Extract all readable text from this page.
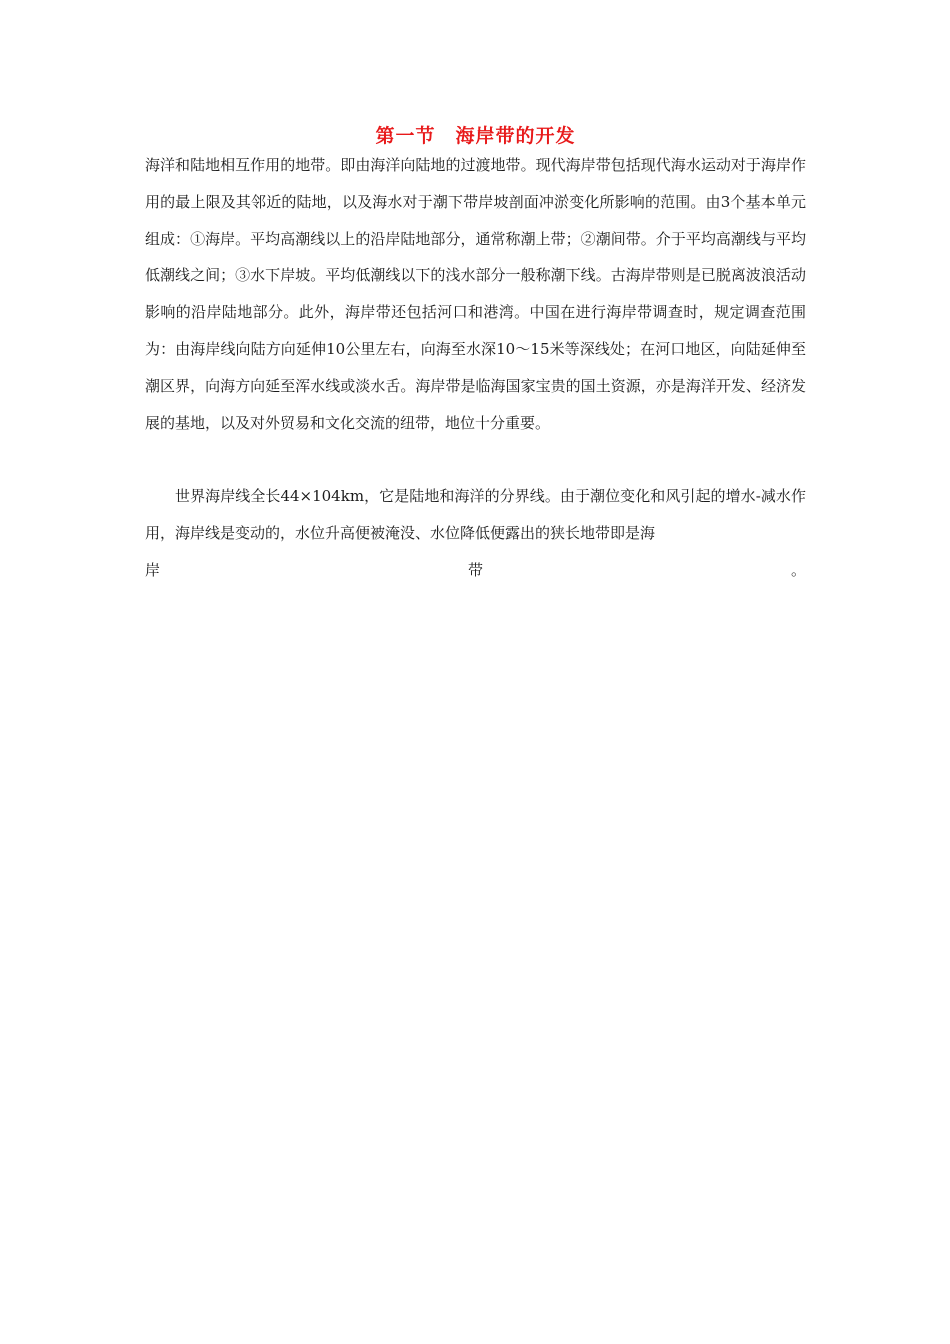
第一节　海岸带的开发

海洋和陆地相互作用的地带。即由海洋向陆地的过渡地带。现代海岸带包括现代海水运动对于海岸作用的最上限及其邻近的陆地，以及海水对于潮下带岸坡剖面冲淤变化所影响的范围。由3个基本单元组成：①海岸。平均高潮线以上的沿岸陆地部分，通常称潮上带；②潮间带。介于平均高潮线与平均低潮线之间；③水下岸坡。平均低潮线以下的浅水部分一般称潮下线。古海岸带则是已脱离波浪活动影响的沿岸陆地部分。此外，海岸带还包括河口和港湾。中国在进行海岸带调查时，规定调查范围为：由海岸线向陆方向延伸10公里左右，向海至水深10～15米等深线处；在河口地区，向陆延伸至潮区界，向海方向延至浑水线或淡水舌。海岸带是临海国家宝贵的国土资源，亦是海洋开发、经济发展的基地，以及对外贸易和文化交流的纽带，地位十分重要。

世界海岸线全长44×104km，它是陆地和海洋的分界线。由于潮位变化和风引起的增水-减水作用，海岸线是变动的，水位升高便被淹没、水位降低便露出的狭长地带即是海

岸	带	。
